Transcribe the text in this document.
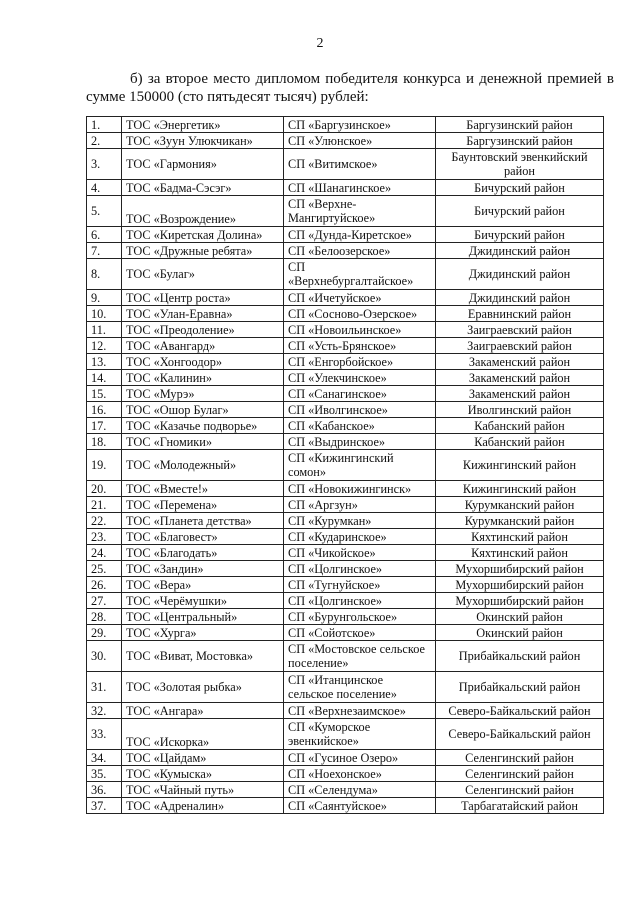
2

б) за второе место дипломом победителя конкурса и денежной премией в сумме 150000 (сто пятьдесят тысяч) рублей:

1.	ТОС «Энергетик»	СП «Баргузинское»	Баргузинский район
2.	ТОС «Зуун Улюкчикан»	СП «Улюнское»	Баргузинский район
3.	ТОС «Гармония»	СП «Витимское»	Баунтовский эвенкийский район
4.	ТОС «Бадма-Сэсэг»	СП «Шанагинское»	Бичурский район
5.	ТОС «Возрождение»	СП «Верхне-Мангиртуйское»	Бичурский район
6.	ТОС «Киретская Долина»	СП «Дунда-Киретское»	Бичурский район
7.	ТОС «Дружные ребята»	СП «Белоозерское»	Джидинский район
8.	ТОС «Булаг»	СП «Верхнебургалтайское»	Джидинский район
9.	ТОС «Центр роста»	СП «Ичетуйское»	Джидинский район
10.	ТОС «Улан-Еравна»	СП «Сосново-Озерское»	Еравнинский район
11.	ТОС «Преодоление»	СП «Новоильинское»	Заиграевский район
12.	ТОС «Авангард»	СП «Усть-Брянское»	Заиграевский район
13.	ТОС «Хонгоодор»	СП «Енгорбойское»	Закаменский район
14.	ТОС «Калинин»	СП «Улекчинское»	Закаменский район
15.	ТОС «Мурэ»	СП «Санагинское»	Закаменский район
16.	ТОС «Ошор Булаг»	СП «Иволгинское»	Иволгинский район
17.	ТОС «Казачье подворье»	СП «Кабанское»	Кабанский район
18.	ТОС «Гномики»	СП «Выдринское»	Кабанский район
19.	ТОС «Молодежный»	СП «Кижингинский сомон»	Кижингинский район
20.	ТОС «Вместе!»	СП «Новокижингинск»	Кижингинский район
21.	ТОС «Перемена»	СП «Аргзун»	Курумканский район
22.	ТОС «Планета детства»	СП «Курумкан»	Курумканский район
23.	ТОС «Благовест»	СП «Кударинское»	Кяхтинский район
24.	ТОС «Благодать»	СП «Чикойское»	Кяхтинский район
25.	ТОС «Зандин»	СП «Цолгинское»	Мухоршибирский район
26.	ТОС «Вера»	СП «Тугнуйское»	Мухоршибирский район
27.	ТОС «Черёмушки»	СП «Цолгинское»	Мухоршибирский район
28.	ТОС «Центральный»	СП «Бурунгольское»	Окинский район
29.	ТОС «Хурга»	СП «Сойотское»	Окинский район
30.	ТОС «Виват, Мостовка»	СП «Мостовское сельское поселение»	Прибайкальский район
31.	ТОС «Золотая рыбка»	СП «Итанцинское сельское поселение»	Прибайкальский район
32.	ТОС «Ангара»	СП «Верхнезаимское»	Северо-Байкальский район
33.	ТОС «Искорка»	СП «Куморское эвенкийское»	Северо-Байкальский район
34.	ТОС «Цайдам»	СП «Гусиное Озеро»	Селенгинский район
35.	ТОС «Кумыска»	СП «Ноехонское»	Селенгинский район
36.	ТОС «Чайный путь»	СП «Селендума»	Селенгинский район
37.	ТОС «Адреналин»	СП «Саянтуйское»	Тарбагатайский район
